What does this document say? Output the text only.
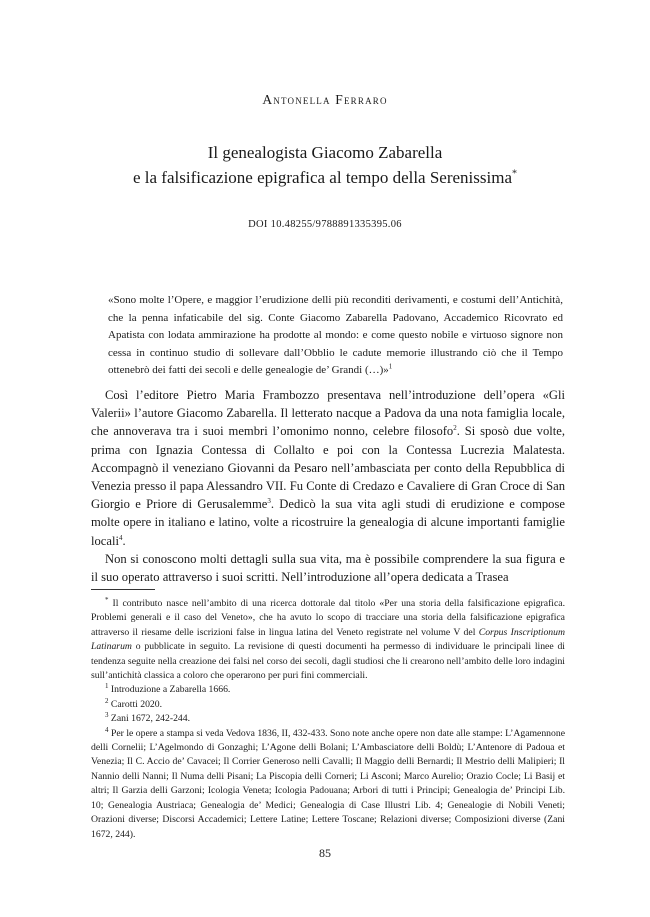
Antonella Ferraro
Il genealogista Giacomo Zabarella
e la falsificazione epigrafica al tempo della Serenissima*
DOI 10.48255/9788891335395.06
«Sono molte l’Opere, e maggior l’erudizione delli più reconditi derivamenti, e costumi dell’Antichità, che la penna infaticabile del sig. Conte Giacomo Zabarella Padovano, Accademico Ricovrato ed Apatista con lodata ammirazione ha prodotte al mondo: e come questo nobile e virtuoso signore non cessa in continuo studio di sollevare dall’Obblio le cadute memorie illustrando ciò che il Tempo ottenebrò dei fatti dei secoli e delle genealogie de’ Grandi (…)»$^1$

Così l’editore Pietro Maria Frambozzo presentava nell’introduzione dell’opera «Gli Valerii» l’autore Giacomo Zabarella. Il letterato nacque a Padova da una nota famiglia locale, che annoverava tra i suoi membri l’omonimo nonno, celebre filosofo$^2$. Si sposò due volte, prima con Ignazia Contessa di Collalto e poi con la Contessa Lucrezia Malatesta. Accompagnò il veneziano Giovanni da Pesaro nell’ambasciata per conto della Repubblica di Venezia presso il papa Alessandro VII. Fu Conte di Credazo e Cavaliere di Gran Croce di San Giorgio e Priore di Gerusalemme$^3$. Dedicò la sua vita agli studi di erudizione e compose molte opere in italiano e latino, volte a ricostruire la genealogia di alcune importanti famiglie locali$^4$.

Non si conoscono molti dettagli sulla sua vita, ma è possibile comprendere la sua figura e il suo operato attraverso i suoi scritti. Nell’introduzione all’opera dedicata a Trasea

* Il contributo nasce nell’ambito di una ricerca dottorale dal titolo «Per una storia della falsificazione epigrafica. Problemi generali e il caso del Veneto», che ha avuto lo scopo di tracciare una storia della falsificazione epigrafica attraverso il riesame delle iscrizioni false in lingua latina del Veneto registrate nel volume V del Corpus Inscriptionum Latinarum o pubblicate in seguito. La revisione di questi documenti ha permesso di individuare le principali linee di tendenza seguite nella creazione dei falsi nel corso dei secoli, dagli studiosi che li crearono nell’ambito delle loro indagini sull’antichità classica a coloro che operarono per puri fini commerciali.

$^1$ Introduzione a Zabarella 1666.

$^2$ Carotti 2020.

$^3$ Zani 1672, 242-244.

$^4$ Per le opere a stampa si veda Vedova 1836, II, 432-433. Sono note anche opere non date alle stampe: L’Agamennone delli Cornelii; L’Agelmondo di Gonzaghi; L’Agone delli Bolani; L’Ambasciatore delli Boldù; L’Antenore di Padoua et Venezia; Il C. Accio de’ Cavacei; Il Corrier Generoso nelli Cavalli; Il Maggio delli Bernardi; Il Mestrio delli Malipieri; Il Nannio delli Nanni; Il Numa delli Pisani; La Piscopia delli Corneri; Li Asconi; Marco Aurelio; Orazio Cocle; Li Basij et altri; Il Garzia delli Garzoni; Icologia Veneta; Icologia Padouana; Arbori di tutti i Principi; Genealogia de’ Principi Lib. 10; Genealogia Austriaca; Genealogia de’ Medici; Genealogia di Case Illustri Lib. 4; Genealogie di Nobili Veneti; Orazioni diverse; Discorsi Accademici; Lettere Latine; Lettere Toscane; Relazioni diverse; Composizioni diverse (Zani 1672, 244).

85
